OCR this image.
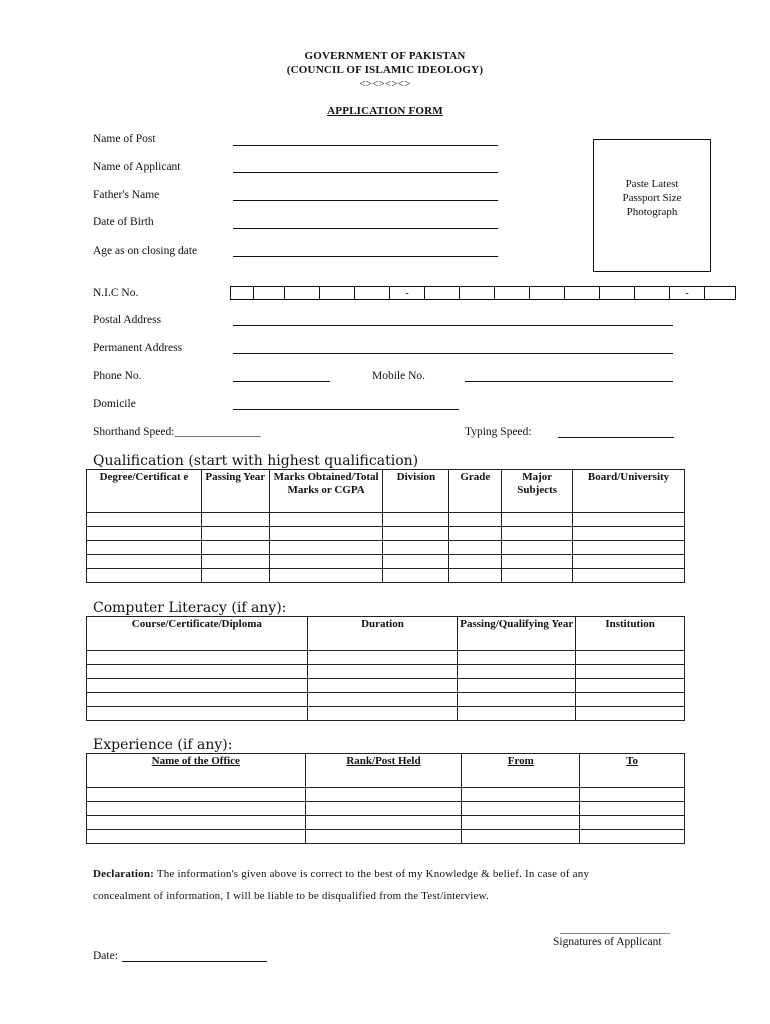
GOVERNMENT OF PAKISTAN
(COUNCIL OF ISLAMIC IDEOLOGY)
<><><><>
APPLICATION FORM
Name of Post
Name of Applicant
Father's Name
Date of Birth
Age as on closing date
Paste Latest
Passport Size
Photograph
N.I.C No.	-	-
Postal Address
Permanent Address
Phone No.	Mobile No.
Domicile
Shorthand Speed:_______________	Typing Speed:
Qualification (start with highest qualification)
Degree/Certificat e	Passing Year	Marks Obtained/Total Marks or CGPA	Division	Grade	Major Subjects	Board/University

Computer Literacy (if any):
Course/Certificate/Diploma	Duration	Passing/Qualifying Year	Institution

Experience (if any):
Name of the Office	Rank/Post Held	From	To

Declaration: The information's given above is correct to the best of my Knowledge & belief. In case of any
concealment of information, I will be liable to be disqualified from the Test/interview.
____________________
Signatures of Applicant
Date:
